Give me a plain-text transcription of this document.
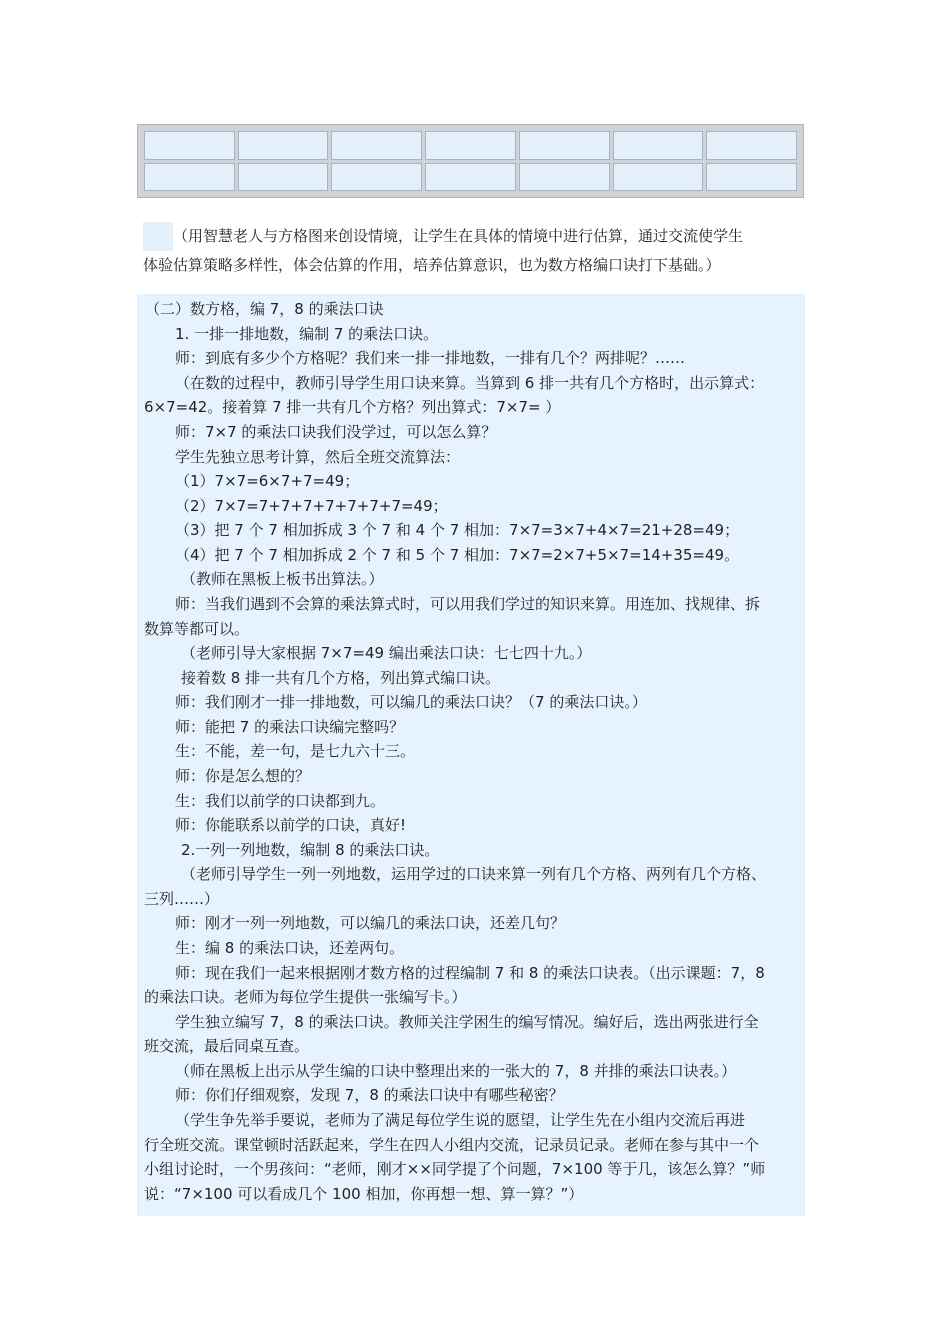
（用智慧老人与方格图来创设情境，让学生在具体的情境中进行估算，通过交流使学生
体验估算策略多样性，体会估算的作用，培养估算意识，也为数方格编口诀打下基础。）
（二）数方格，编 7，8 的乘法口诀
1. 一排一排地数，编制 7 的乘法口诀。
师：到底有多少个方格呢？我们来一排一排地数，一排有几个？两排呢？……
（在数的过程中，教师引导学生用口诀来算。当算到 6 排一共有几个方格时，出示算式：
6×7=42。接着算 7 排一共有几个方格？列出算式：7×7= ）
师：7×7 的乘法口诀我们没学过，可以怎么算？
学生先独立思考计算，然后全班交流算法：
（1）7×7=6×7+7=49；
（2）7×7=7+7+7+7+7+7+7=49；
（3）把 7 个 7 相加拆成 3 个 7 和 4 个 7 相加：7×7=3×7+4×7=21+28=49；
（4）把 7 个 7 相加拆成 2 个 7 和 5 个 7 相加：7×7=2×7+5×7=14+35=49。
（教师在黑板上板书出算法。）
师：当我们遇到不会算的乘法算式时，可以用我们学过的知识来算。用连加、找规律、拆
数算等都可以。
（老师引导大家根据 7×7=49 编出乘法口诀：七七四十九。）
接着数 8 排一共有几个方格，列出算式编口诀。
师：我们刚才一排一排地数，可以编几的乘法口诀？（7 的乘法口诀。）
师：能把 7 的乘法口诀编完整吗？
生：不能，差一句，是七九六十三。
师：你是怎么想的？
生：我们以前学的口诀都到九。
师：你能联系以前学的口诀，真好!
2.一列一列地数，编制 8 的乘法口诀。
（老师引导学生一列一列地数，运用学过的口诀来算一列有几个方格、两列有几个方格、
三列……）
师：刚才一列一列地数，可以编几的乘法口诀，还差几句？
生：编 8 的乘法口诀，还差两句。
师：现在我们一起来根据刚才数方格的过程编制 7 和 8 的乘法口诀表。（出示课题：7，8
的乘法口诀。老师为每位学生提供一张编写卡。）
学生独立编写 7，8 的乘法口诀。教师关注学困生的编写情况。编好后，选出两张进行全
班交流，最后同桌互查。
（师在黑板上出示从学生编的口诀中整理出来的一张大的 7，8 并排的乘法口诀表。）
师：你们仔细观察，发现 7，8 的乘法口诀中有哪些秘密？
（学生争先举手要说，老师为了满足每位学生说的愿望，让学生先在小组内交流后再进
行全班交流。课堂顿时活跃起来，学生在四人小组内交流，记录员记录。老师在参与其中一个
小组讨论时，一个男孩问：“老师，刚才××同学提了个问题，7×100 等于几，该怎么算？”师
说：“7×100 可以看成几个 100 相加，你再想一想、算一算？”）
